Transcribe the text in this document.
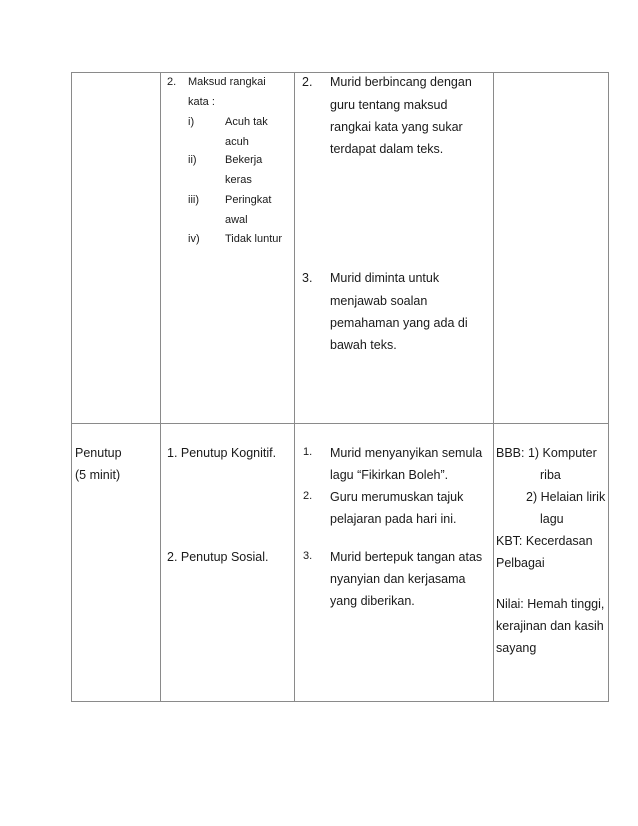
2. Maksud rangkai
kata :
i)	Acuh tak
acuh
ii)	Bekerja
keras
iii) Peringkat
awal
iv) Tidak luntur
2. Murid berbincang dengan
guru tentang maksud
rangkai kata yang sukar
terdapat dalam teks.
3. Murid diminta untuk
menjawab soalan
pemahaman yang ada di
bawah teks.
Penutup
(5 minit)
1. Penutup Kognitif.
2. Penutup Sosial.
1. Murid menyanyikan semula
lagu “Fikirkan Boleh”.
2. Guru merumuskan tajuk
pelajaran pada hari ini.
3. Murid bertepuk tangan atas
nyanyian dan kerjasama
yang diberikan.
BBB: 1) Komputer
riba
2) Helaian lirik
lagu
KBT: Kecerdasan
Pelbagai
Nilai: Hemah tinggi,
kerajinan dan kasih
sayang
